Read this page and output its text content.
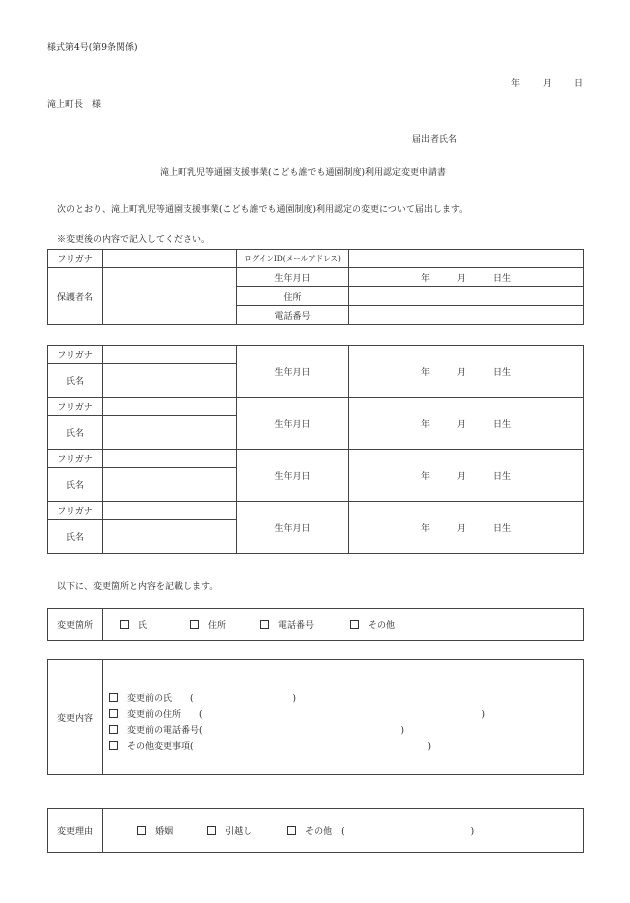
様式第4号(第9条関係)
年	月 日
滝上町長　様
届出者氏名
滝上町乳児等通園支援事業(こども誰でも通園制度)利用認定変更申請書
次のとおり、滝上町乳児等通園支援事業(こども誰でも通園制度)利用認定の変更について届出します。
※変更後の内容で記入してください。
フリガナ		ログインID(メールアドレス)	
保護者名		生年月日	年　　　月　　　日生
		住所	
		電話番号	
フリガナ		生年月日	年　　　月　　　日生
氏名			
フリガナ		生年月日	年　　　月　　　日生
氏名			
フリガナ		生年月日	年　　　月　　　日生
氏名			
フリガナ		生年月日	年　　　月　　　日生
氏名			
以下に、変更箇所と内容を記載します。
変更箇所	氏	住所	電話番号	その他
変更内容	
変更前の氏　　(　　　　　　　　　　　)
変更前の住所　　(　　　　　　　　　　　　　　　　　　　　　　　　　　　　　　　)
変更前の電話番号(　　　　　　　　　　　　　　　　　　　　　　)
その他変更事項(　　　　　　　　　　　　　　　　　　　　　　　　　　)
変更理由	婚姻	引越し	その他　(　　　　　　　　　　　　　　)
